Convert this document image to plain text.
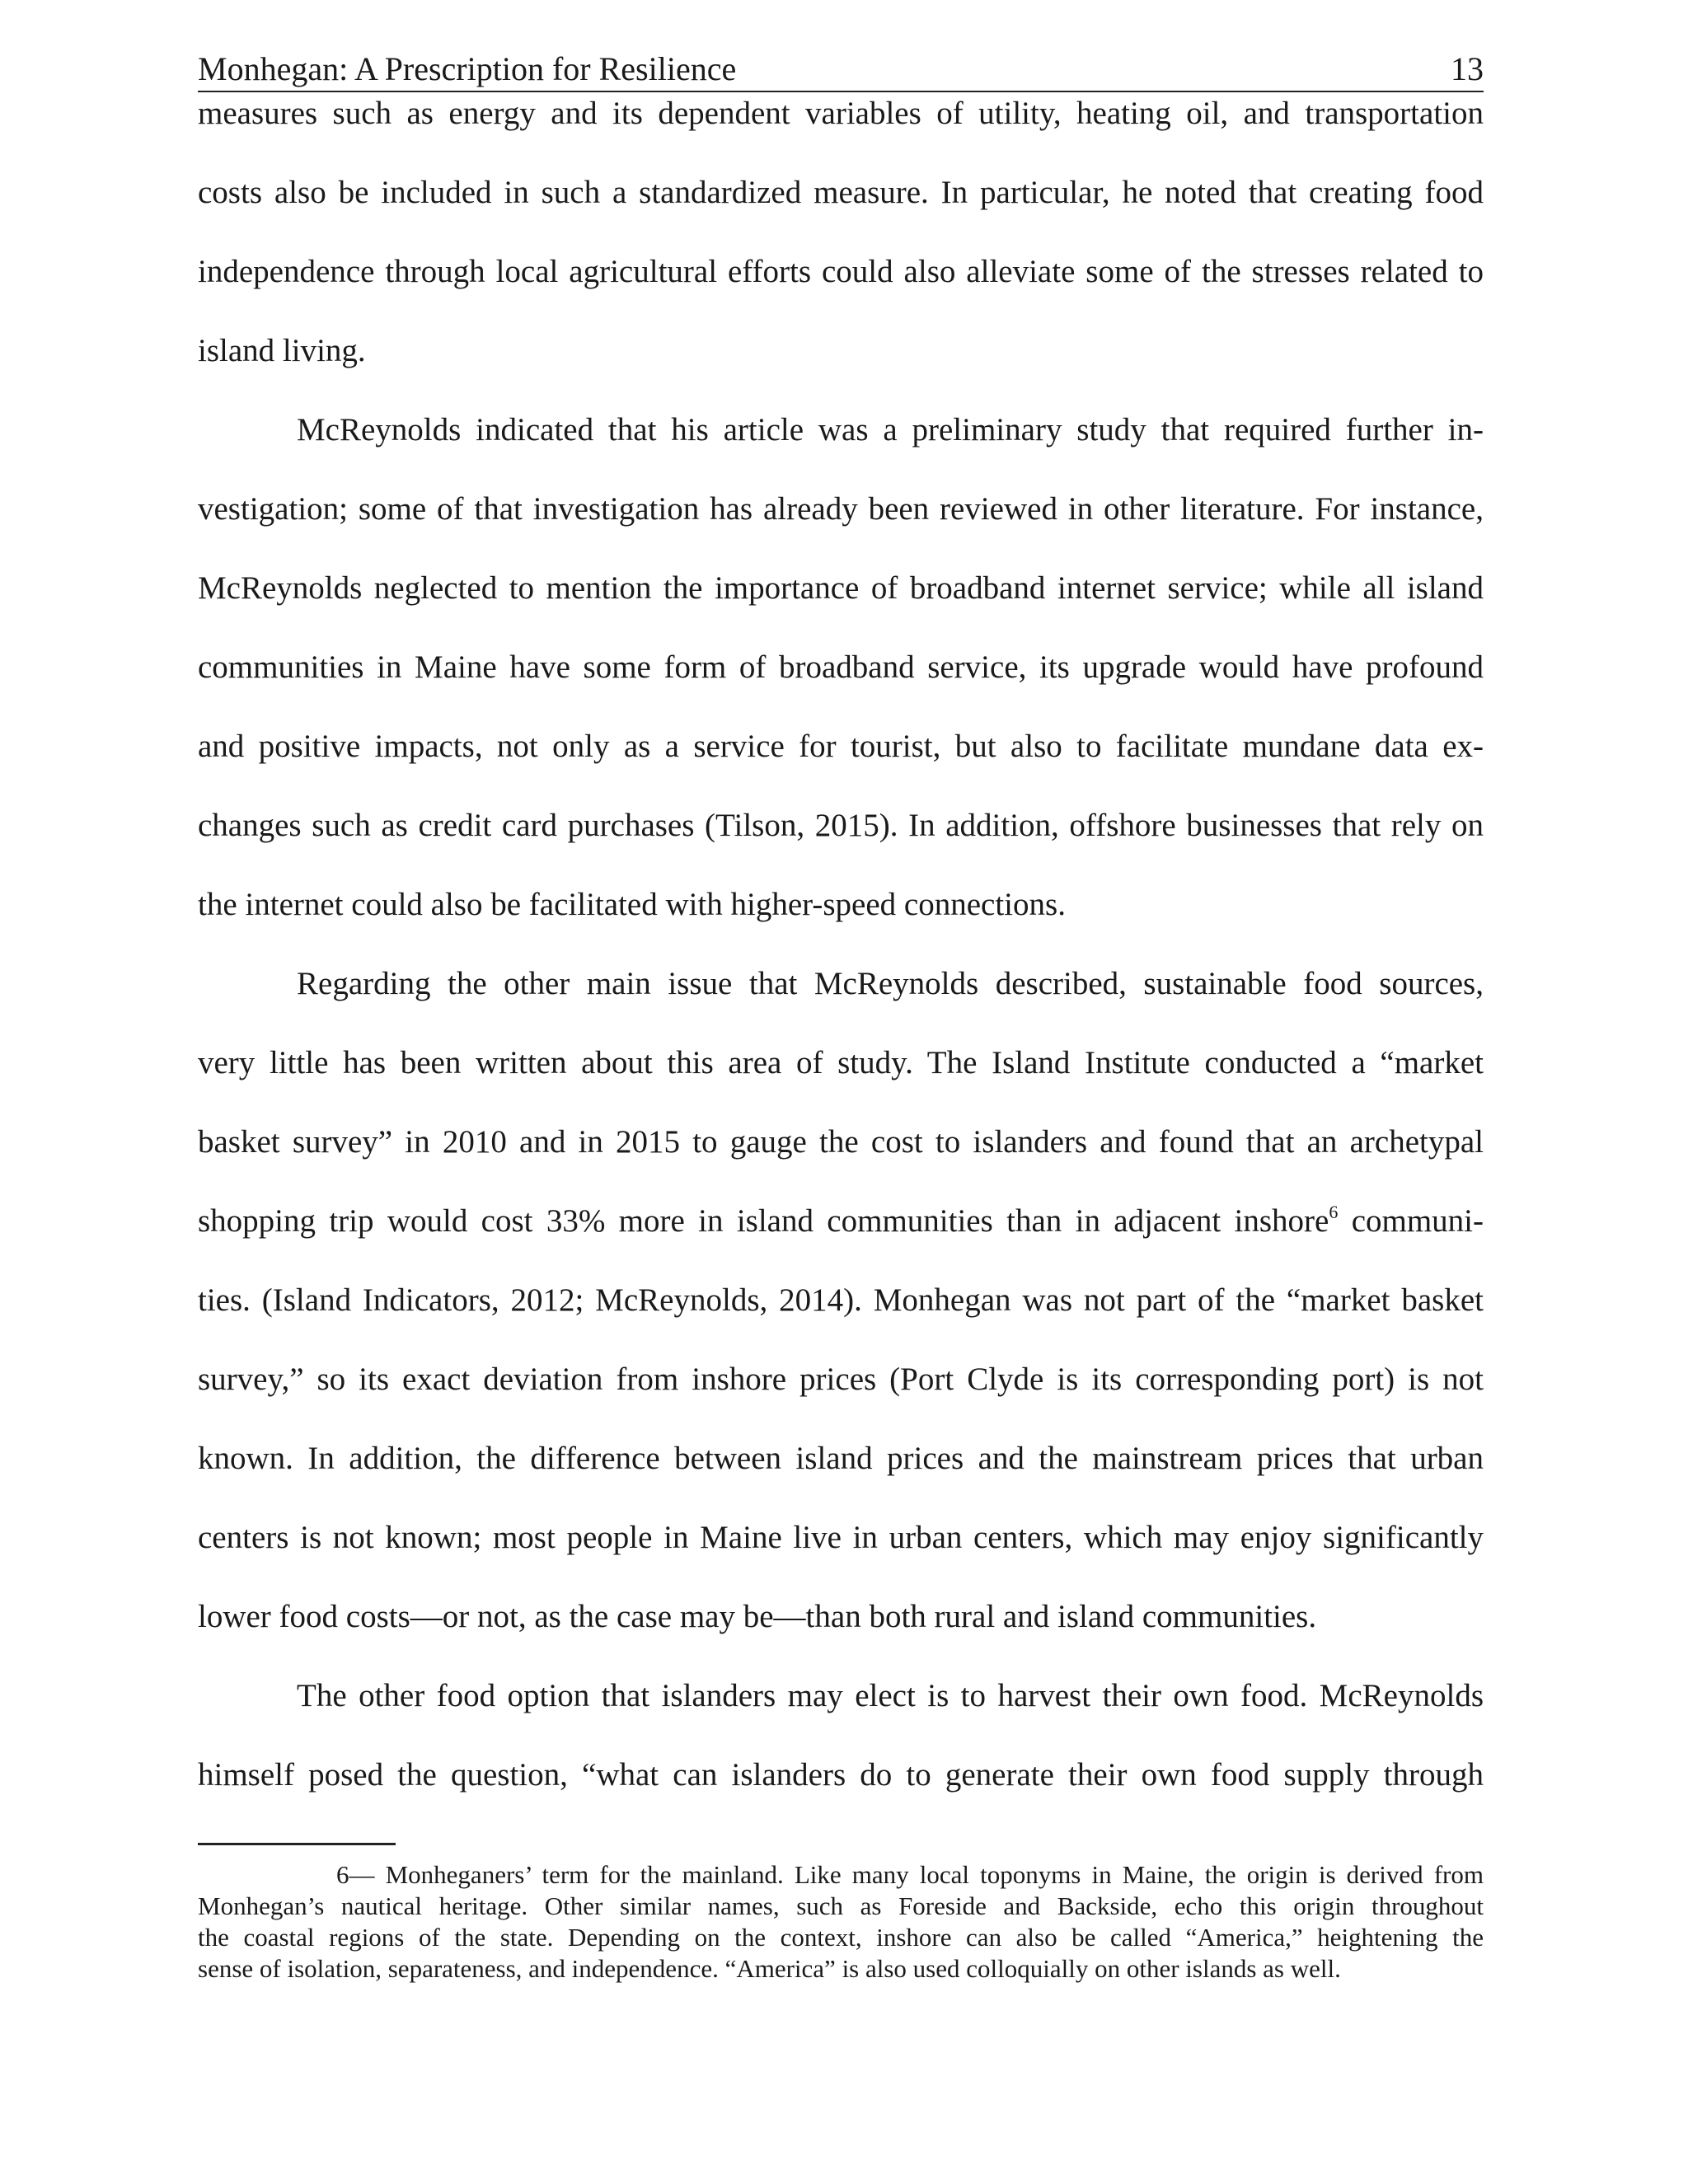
Monhegan: A Prescription for Resilience	13
measures such as energy and its dependent variables of utility, heating oil, and transportation
costs also be included in such a standardized measure. In particular, he noted that creating food
independence through local agricultural efforts could also alleviate some of the stresses related to
island living.
McReynolds indicated that his article was a preliminary study that required further in-
vestigation; some of that investigation has already been reviewed in other literature. For instance,
McReynolds neglected to mention the importance of broadband internet service; while all island
communities in Maine have some form of broadband service, its upgrade would have profound
and positive impacts, not only as a service for tourist, but also to facilitate mundane data ex-
changes such as credit card purchases (Tilson, 2015). In addition, offshore businesses that rely on
the internet could also be facilitated with higher-speed connections.
Regarding the other main issue that McReynolds described, sustainable food sources,
very little has been written about this area of study. The Island Institute conducted a “market
basket survey” in 2010 and in 2015 to gauge the cost to islanders and found that an archetypal
shopping trip would cost 33% more in island communities than in adjacent inshore$^6$ communi-
ties. (Island Indicators, 2012; McReynolds, 2014). Monhegan was not part of the “market basket
survey,” so its exact deviation from inshore prices (Port Clyde is its corresponding port) is not
known. In addition, the difference between island prices and the mainstream prices that urban
centers is not known; most people in Maine live in urban centers, which may enjoy significantly
lower food costs—or not, as the case may be—than both rural and island communities.
The other food option that islanders may elect is to harvest their own food. McReynolds
himself posed the question, “what can islanders do to generate their own food supply through
6— Monheganers’ term for the mainland. Like many local toponyms in Maine, the origin is derived from
Monhegan’s nautical heritage. Other similar names, such as Foreside and Backside, echo this origin throughout
the coastal regions of the state. Depending on the context, inshore can also be called “America,” heightening the
sense of isolation, separateness, and independence. “America” is also used colloquially on other islands as well.
